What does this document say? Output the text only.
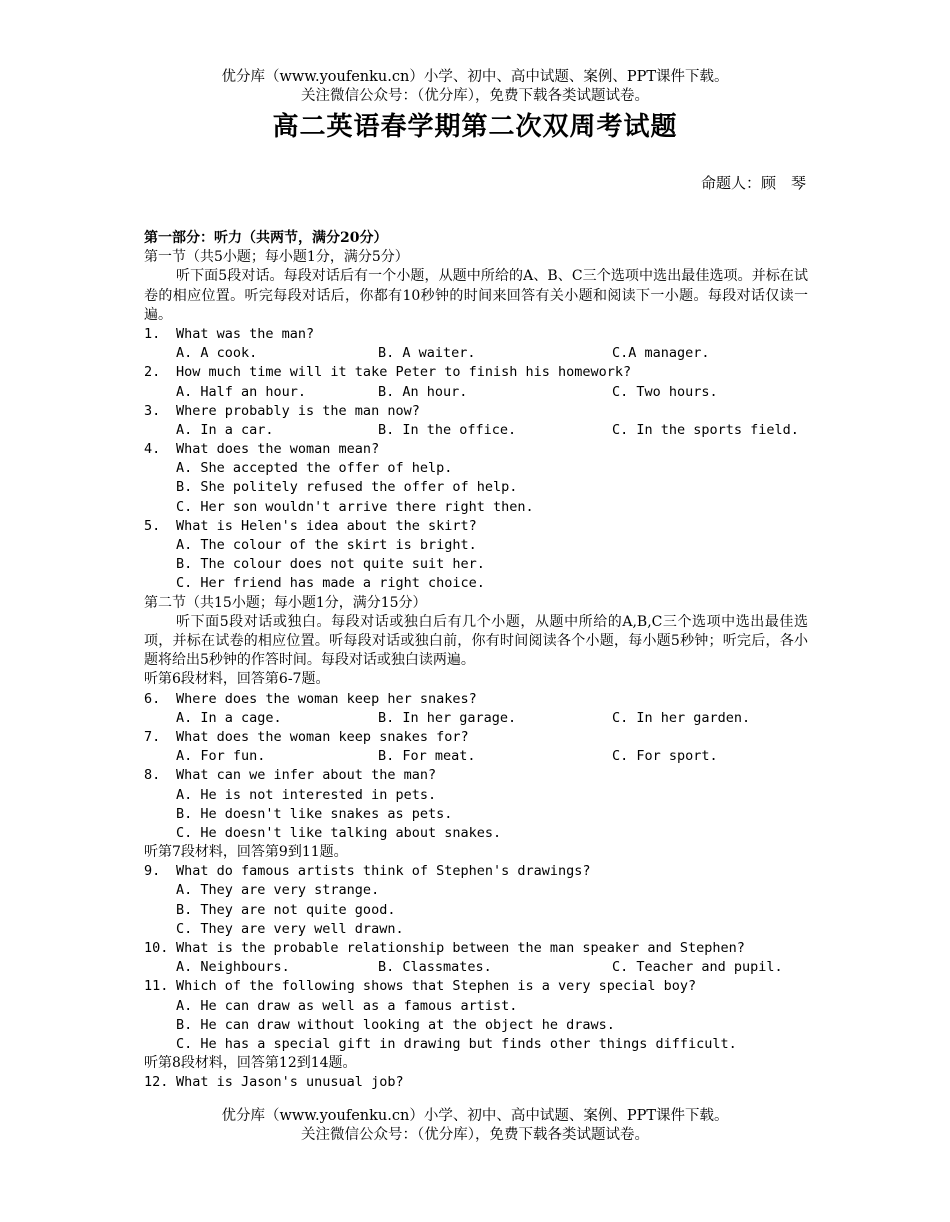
优分库（www.youfenku.cn）小学、初中、高中试题、案例、PPT课件下载。
关注微信公众号：（优分库），免费下载各类试题试卷。
高二英语春学期第二次双周考试题
命题人：顾　琴
第一部分：听力（共两节，满分20分）
第一节（共5小题；每小题1分，满分5分）
听下面5段对话。每段对话后有一个小题，从题中所给的A、B、C三个选项中选出最佳选项。并标在试卷的相应位置。听完每段对话后，你都有10秒钟的时间来回答有关小题和阅读下一小题。每段对话仅读一遍。
1. What was the man?
A. A cook.	B. A waiter.	C.A manager.
2. How much time will it take Peter to finish his homework?
A. Half an hour.	B. An hour.	C. Two hours.
3. Where probably is the man now?
A. In a car.	B. In the office.	C. In the sports field.
4. What does the woman mean?
A. She accepted the offer of help.
B. She politely refused the offer of help.
C. Her son wouldn't arrive there right then.
5. What is Helen's idea about the skirt?
A. The colour of the skirt is bright.
B. The colour does not quite suit her.
C. Her friend has made a right choice.
第二节（共15小题；每小题1分，满分15分）
听下面5段对话或独白。每段对话或独白后有几个小题，从题中所给的A,B,C三个选项中选出最佳选项，并标在试卷的相应位置。听每段对话或独白前，你有时间阅读各个小题，每小题5秒钟；听完后，各小题将给出5秒钟的作答时间。每段对话或独白读两遍。
听第6段材料，回答第6-7题。
6. Where does the woman keep her snakes?
A. In a cage.	B. In her garage.	C. In her garden.
7. What does the woman keep snakes for?
A. For fun.	B. For meat.	C. For sport.
8. What can we infer about the man?
A. He is not interested in pets.
B. He doesn't like snakes as pets.
C. He doesn't like talking about snakes.
听第7段材料，回答第9到11题。
9. What do famous artists think of Stephen's drawings?
A. They are very strange.
B. They are not quite good.
C. They are very well drawn.
10. What is the probable relationship between the man speaker and Stephen?
A. Neighbours.	B. Classmates.	C. Teacher and pupil.
11. Which of the following shows that Stephen is a very special boy?
A. He can draw as well as a famous artist.
B. He can draw without looking at the object he draws.
C. He has a special gift in drawing but finds other things difficult.
听第8段材料，回答第12到14题。
12. What is Jason's unusual job?
优分库（www.youfenku.cn）小学、初中、高中试题、案例、PPT课件下载。
关注微信公众号：（优分库），免费下载各类试题试卷。
